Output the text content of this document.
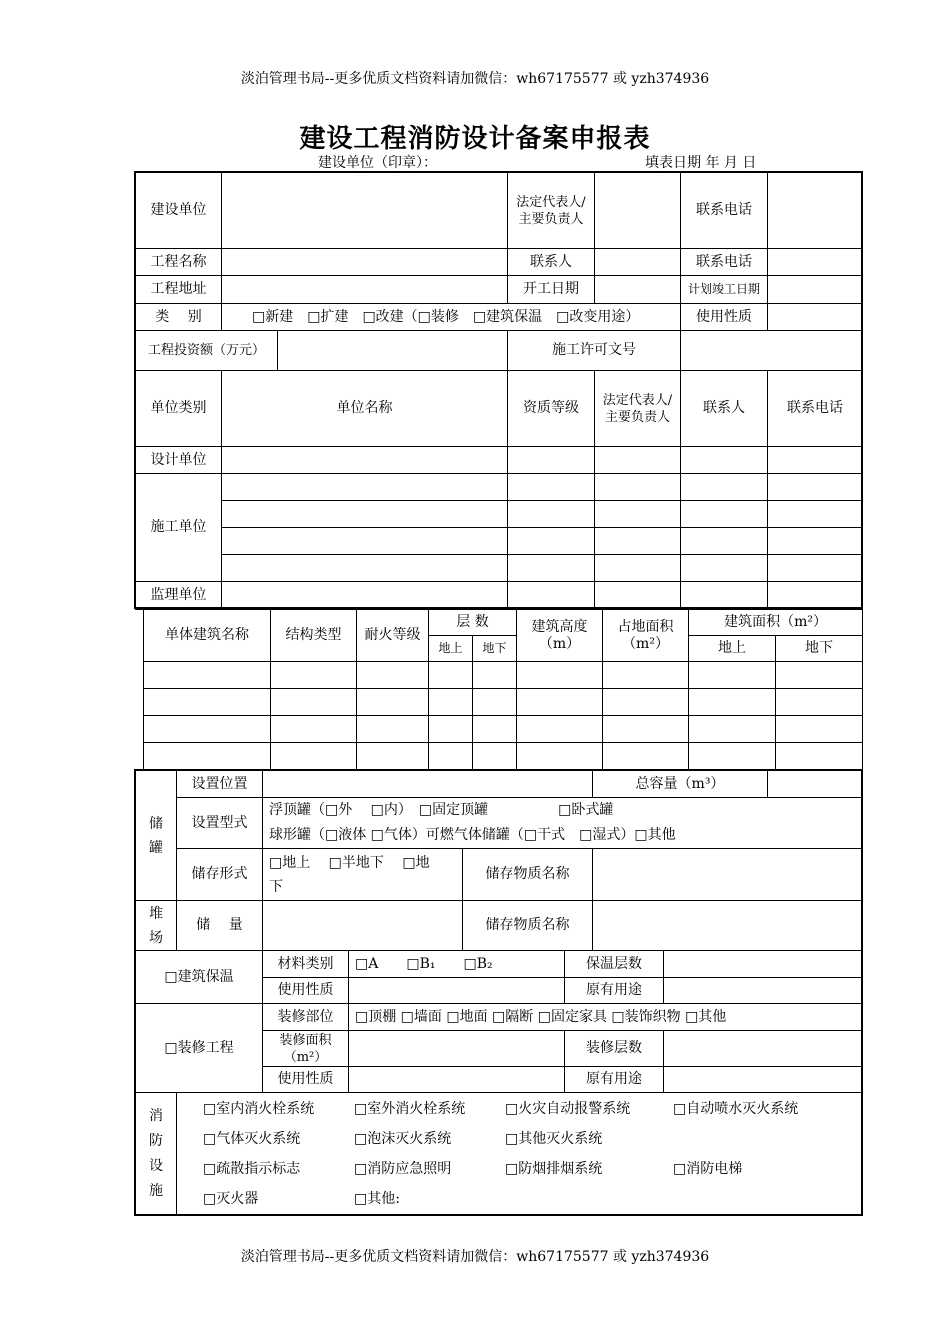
淡泊管理书局--更多优质文档资料请加微信：wh67175577 或 yzh374936
建设工程消防设计备案申报表
建设单位（印章）：	填表日期 年 月 日
建设单位			法定代表人/主要负责人		联系电话	
工程名称			联系人		联系电话	
工程地址			开工日期		计划竣工日期	
类　 别	□新建　□扩建　□改建（□装修　□建筑保温　□改变用途）				使用性质	
工程投资额（万元）			施工许可文号			
单位类别	单位名称	资质等级	法定代表人/主要负责人	联系人	联系电话
设计单位					
施工单位					

监理单位					
单体建筑名称	结构类型	耐火等级	层 数		建筑高度（m）	占地面积（m²）	建筑面积（m²）	
			地上	地下			地上	地下

储罐	设置位置			总容量（m³）	
	设置型式	浮顶罐（□外　 □内）　□固定顶罐　　　　　□卧式罐
球形罐（□液体 □气体）可燃气体储罐（□干式　□湿式）□其他			

	储存形式	□地上　 □半地下　 □地下	储存物质名称		
堆场	储　 量		储存物质名称		
□建筑保温	材料类别	□A　　□B₁　　□B₂	保温层数	
	使用性质		原有用途	
□装修工程	装修部位	□顶棚 □墙面 □地面 □隔断 □固定家具 □装饰织物 □其他		
	装修面积（m²）		装修层数	
	使用性质		原有用途	
消防设施	
□室内消火栓系统	□室外消火栓系统	□火灾自动报警系统	□自动喷水灭火系统
□气体灭火系统	□泡沫灭火系统	□其他灭火系统
□疏散指示标志	□消防应急照明	□防烟排烟系统	□消防电梯
□灭火器	□其他:
淡泊管理书局--更多优质文档资料请加微信：wh67175577 或 yzh374936
